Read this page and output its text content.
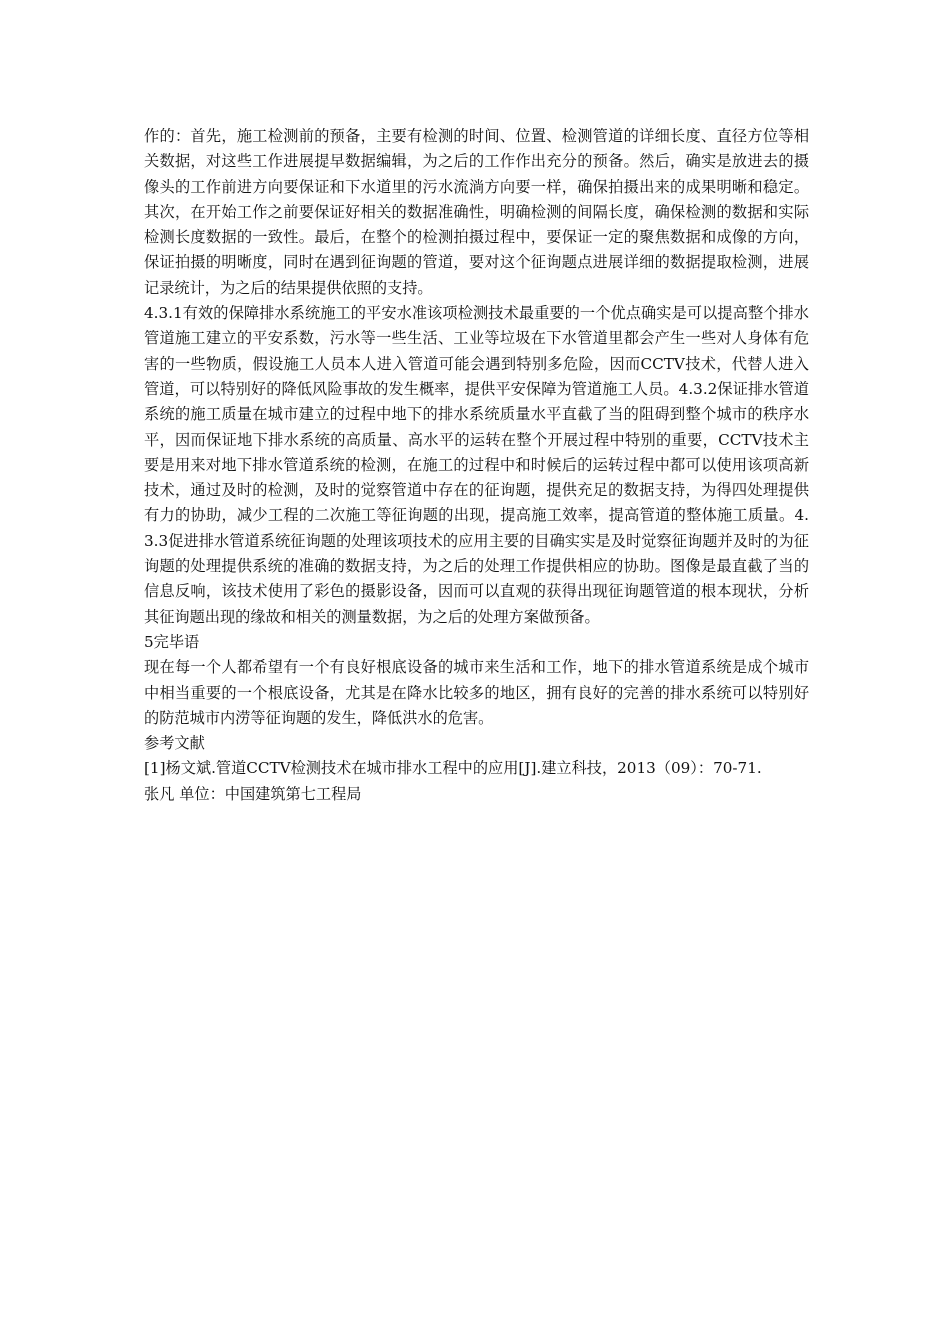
作的：首先，施工检测前的预备，主要有检测的时间、位置、检测管道的详细长度、直径方位等相关数据，对这些工作进展提早数据编辑，为之后的工作作出充分的预备。然后，确实是放进去的摄像头的工作前进方向要保证和下水道里的污水流淌方向要一样，确保拍摄出来的成果明晰和稳定。其次，在开始工作之前要保证好相关的数据准确性，明确检测的间隔长度，确保检测的数据和实际检测长度数据的一致性。最后，在整个的检测拍摄过程中，要保证一定的聚焦数据和成像的方向，保证拍摄的明晰度，同时在遇到征询题的管道，要对这个征询题点进展详细的数据提取检测，进展记录统计，为之后的结果提供依照的支持。

4.3.1有效的保障排水系统施工的平安水准该项检测技术最重要的一个优点确实是可以提高整个排水管道施工建立的平安系数，污水等一些生活、工业等垃圾在下水管道里都会产生一些对人身体有危害的一些物质，假设施工人员本人进入管道可能会遇到特别多危险，因而CCTV技术，代替人进入管道，可以特别好的降低风险事故的发生概率，提供平安保障为管道施工人员。4.3.2保证排水管道系统的施工质量在城市建立的过程中地下的排水系统质量水平直截了当的阻碍到整个城市的秩序水平，因而保证地下排水系统的高质量、高水平的运转在整个开展过程中特别的重要，CCTV技术主要是用来对地下排水管道系统的检测，在施工的过程中和时候后的运转过程中都可以使用该项高新技术，通过及时的检测，及时的觉察管道中存在的征询题，提供充足的数据支持，为得四处理提供有力的协助，减少工程的二次施工等征询题的出现，提高施工效率，提高管道的整体施工质量。4.3.3促进排水管道系统征询题的处理该项技术的应用主要的目确实实是及时觉察征询题并及时的为征询题的处理提供系统的准确的数据支持，为之后的处理工作提供相应的协助。图像是最直截了当的信息反响，该技术使用了彩色的摄影设备，因而可以直观的获得出现征询题管道的根本现状，分析其征询题出现的缘故和相关的测量数据，为之后的处理方案做预备。

5完毕语

现在每一个人都希望有一个有良好根底设备的城市来生活和工作，地下的排水管道系统是成个城市中相当重要的一个根底设备，尤其是在降水比较多的地区，拥有良好的完善的排水系统可以特别好的防范城市内涝等征询题的发生，降低洪水的危害。

参考文献

[1]杨文斌.管道CCTV检测技术在城市排水工程中的应用[J].建立科技，2013（09）：70-71.

张凡 单位：中国建筑第七工程局
